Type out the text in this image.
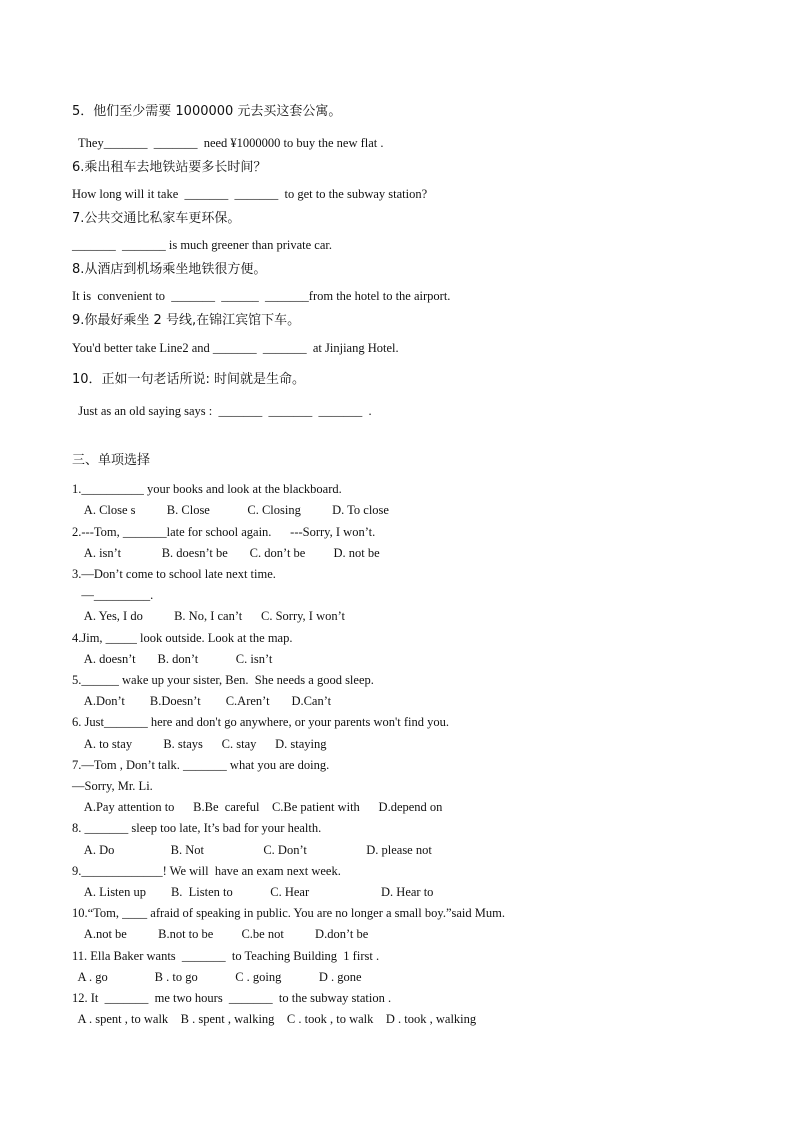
5．他们至少需要 1000000 元去买这套公寓。
They_______  _______  need ¥1000000 to buy the new flat .
6.乘出租车去地铁站要多长时间？
How long will it take  _______  _______  to get to the subway station?
7.公共交通比私家车更环保。
_______  _______ is much greener than private car.
8.从酒店到机场乘坐地铁很方便。
It is  convenient to  _______  ______  _______from the hotel to the airport.
9.你最好乘坐 2 号线,在锦江宾馆下车。
You'd better take Line2 and _______  _______  at Jinjiang Hotel.
10．正如一句老话所说: 时间就是生命。
Just as an old saying says :  _______  _______  _______  .
三、单项选择
1.__________ your books and look at the blackboard.
A. Close s          B. Close            C. Closing          D. To close
2.---Tom, _______late for school again.      ---Sorry, I won’t.
A. isn’t             B. doesn’t be       C. don’t be         D. not be
3.—Don’t come to school late next time.
—_________.
A. Yes, I do          B. No, I can’t      C. Sorry, I won’t
4.Jim, _____ look outside. Look at the map.
A. doesn’t       B. don’t            C. isn’t
5.______ wake up your sister, Ben.  She needs a good sleep.
A.Don’t        B.Doesn’t        C.Aren’t       D.Can’t
6. Just_______ here and don't go anywhere, or your parents won't find you.
A. to stay          B. stays      C. stay      D. staying
7.—Tom , Don’t talk. _______ what you are doing.
—Sorry, Mr. Li.
A.Pay attention to      B.Be  careful    C.Be patient with      D.depend on
8. _______ sleep too late, It’s bad for your health.
A. Do                  B. Not                   C. Don’t                   D. please not
9._____________! We will  have an exam next week.
A. Listen up        B.  Listen to            C. Hear                       D. Hear to
10.“Tom, ____ afraid of speaking in public. You are no longer a small boy.”said Mum.
A.not be          B.not to be         C.be not          D.don’t be
11. Ella Baker wants  _______  to Teaching Building  1 first .
A . go               B . to go            C . going            D . gone
12. It  _______  me two hours  _______  to the subway station .
A . spent , to walk    B . spent , walking    C . took , to walk    D . took , walking
